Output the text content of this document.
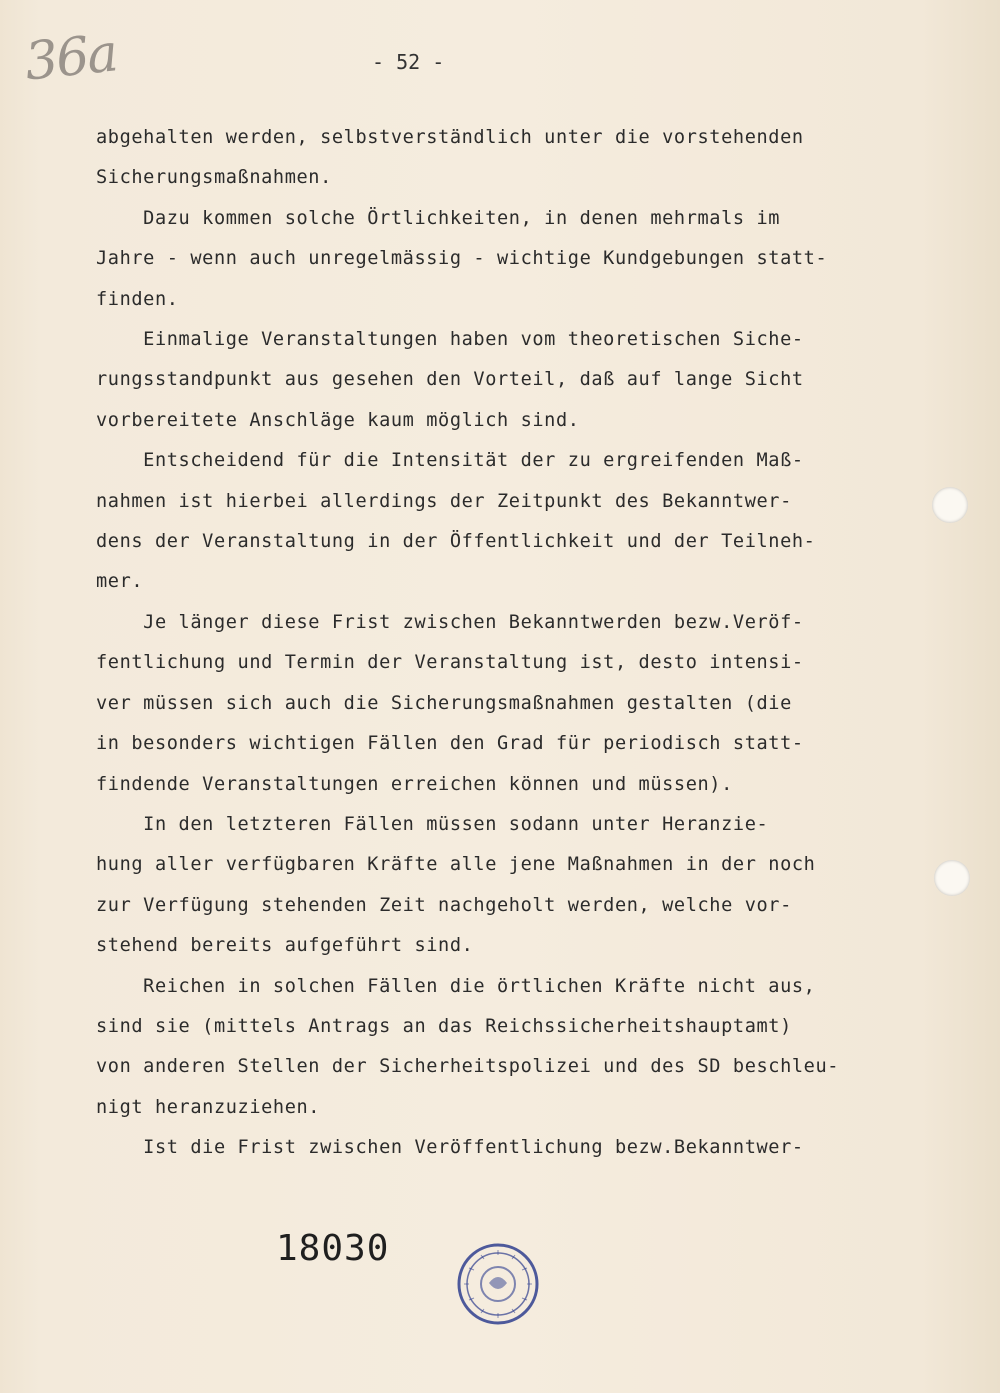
36a	- 52 -
abgehalten werden, selbstverständlich unter die vorstehenden
Sicherungsmaßnahmen.
Dazu kommen solche Örtlichkeiten, in denen mehrmals im
Jahre - wenn auch unregelmässig - wichtige Kundgebungen statt-
finden.
Einmalige Veranstaltungen haben vom theoretischen Siche-
rungsstandpunkt aus gesehen den Vorteil, daß auf lange Sicht
vorbereitete Anschläge kaum möglich sind.
Entscheidend für die Intensität der zu ergreifenden Maß-
nahmen ist hierbei allerdings der Zeitpunkt des Bekanntwer-
dens der Veranstaltung in der Öffentlichkeit und der Teilneh-
mer.
Je länger diese Frist zwischen Bekanntwerden bezw.Veröf-
fentlichung und Termin der Veranstaltung ist, desto intensi-
ver müssen sich auch die Sicherungsmaßnahmen gestalten (die
in besonders wichtigen Fällen den Grad für periodisch statt-
findende Veranstaltungen erreichen können und müssen).
In den letzteren Fällen müssen sodann unter Heranzie-
hung aller verfügbaren Kräfte alle jene Maßnahmen in der noch
zur Verfügung stehenden Zeit nachgeholt werden, welche vor-
stehend bereits aufgeführt sind.
Reichen in solchen Fällen die örtlichen Kräfte nicht aus,
sind sie (mittels Antrags an das Reichssicherheitshauptamt)
von anderen Stellen der Sicherheitspolizei und des SD beschleu-
nigt heranzuziehen.
Ist die Frist zwischen Veröffentlichung bezw.Bekanntwer-
18030
